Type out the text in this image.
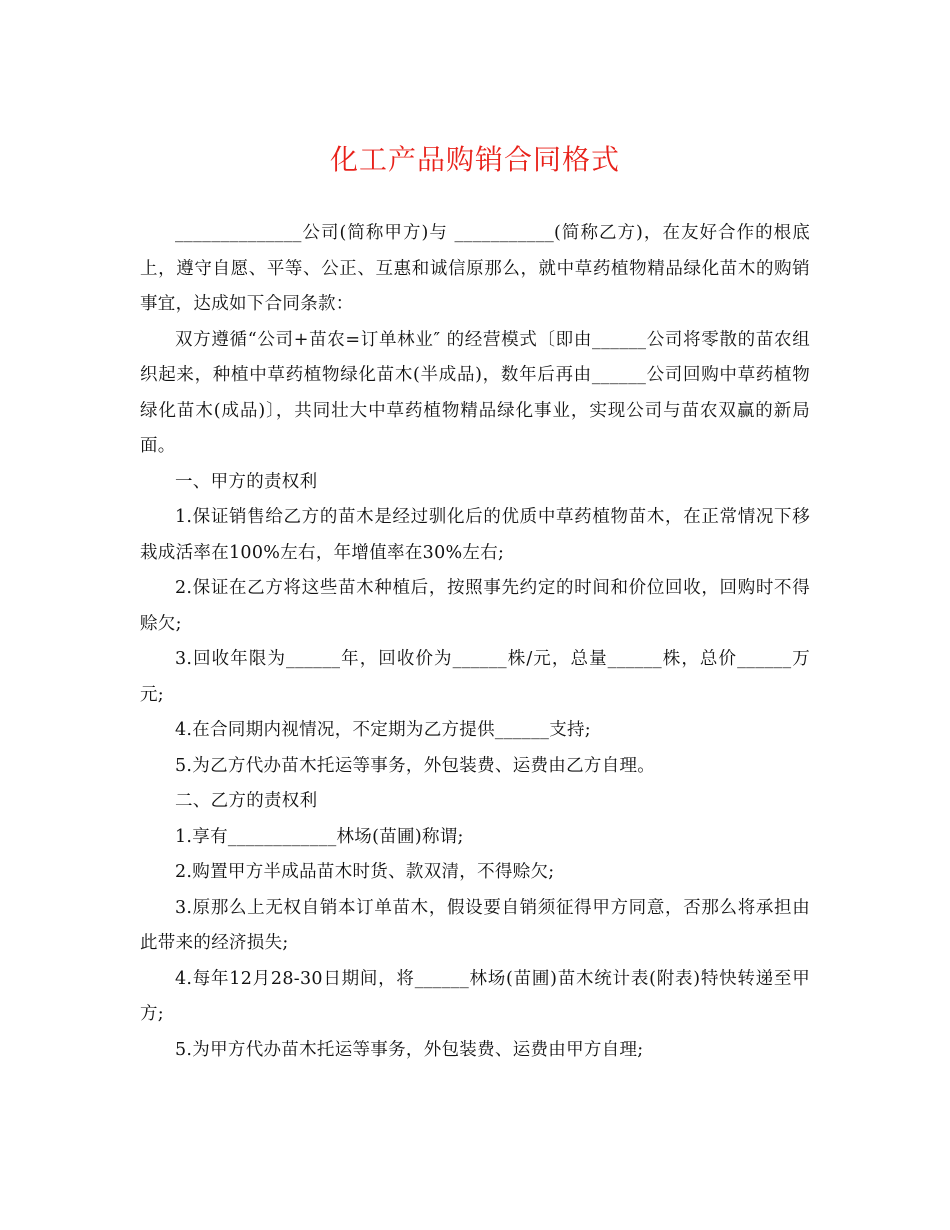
化工产品购销合同格式

______________公司(简称甲方)与 ___________(简称乙方)，在友好合作的根底上，遵守自愿、平等、公正、互惠和诚信原那么，就中草药植物精品绿化苗木的购销事宜，达成如下合同条款：

双方遵循“公司+苗农=订单林业″ 的经营模式〔即由______公司将零散的苗农组织起来，种植中草药植物绿化苗木(半成品)，数年后再由______公司回购中草药植物绿化苗木(成品)〕，共同壮大中草药植物精品绿化事业，实现公司与苗农双赢的新局面。

一、甲方的责权利

1.保证销售给乙方的苗木是经过驯化后的优质中草药植物苗木，在正常情况下移栽成活率在100%左右，年增值率在30%左右;

2.保证在乙方将这些苗木种植后，按照事先约定的时间和价位回收，回购时不得赊欠;

3.回收年限为______年，回收价为______株/元，总量______株，总价______万元;

4.在合同期内视情况，不定期为乙方提供______支持;

5.为乙方代办苗木托运等事务，外包装费、运费由乙方自理。

二、乙方的责权利

1.享有____________林场(苗圃)称谓;

2.购置甲方半成品苗木时货、款双清，不得赊欠;

3.原那么上无权自销本订单苗木，假设要自销须征得甲方同意，否那么将承担由此带来的经济损失;

4.每年12月28-30日期间，将______林场(苗圃)苗木统计表(附表)特快转递至甲方;

5.为甲方代办苗木托运等事务，外包装费、运费由甲方自理;
